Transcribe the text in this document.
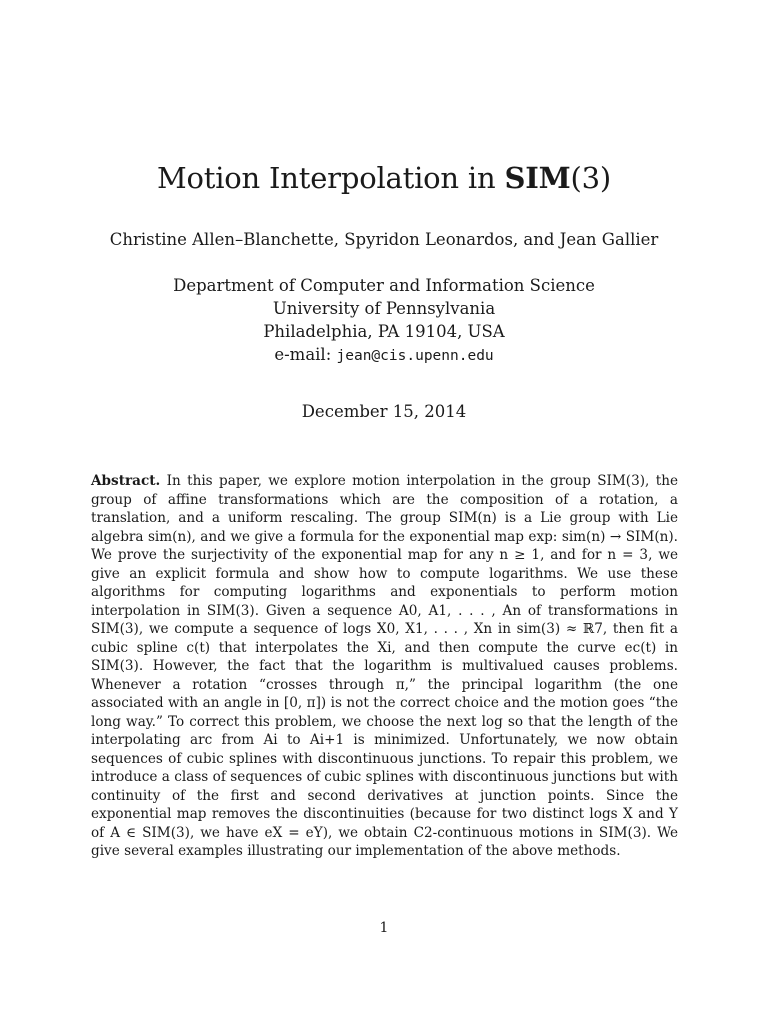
Motion Interpolation in SIM(3)
Christine Allen–Blanchette, Spyridon Leonardos, and Jean Gallier
Department of Computer and Information Science
University of Pennsylvania
Philadelphia, PA 19104, USA
e-mail: jean@cis.upenn.edu
December 15, 2014
Abstract. In this paper, we explore motion interpolation in the group SIM(3), the group of affine transformations which are the composition of a rotation, a translation, and a uniform rescaling. The group SIM(n) is a Lie group with Lie algebra sim(n), and we give a formula for the exponential map exp: sim(n) → SIM(n). We prove the surjectivity of the exponential map for any n ≥ 1, and for n = 3, we give an explicit formula and show how to compute logarithms. We use these algorithms for computing logarithms and exponentials to perform motion interpolation in SIM(3). Given a sequence A0, A1, . . . , An of transformations in SIM(3), we compute a sequence of logs X0, X1, . . . , Xn in sim(3) ≈ ℝ7, then fit a cubic spline c(t) that interpolates the Xi, and then compute the curve ec(t) in SIM(3). However, the fact that the logarithm is multivalued causes problems. Whenever a rotation “crosses through π,” the principal logarithm (the one associated with an angle in [0, π]) is not the correct choice and the motion goes “the long way.” To correct this problem, we choose the next log so that the length of the interpolating arc from Ai to Ai+1 is minimized. Unfortunately, we now obtain sequences of cubic splines with discontinuous junctions. To repair this problem, we introduce a class of sequences of cubic splines with discontinuous junctions but with continuity of the first and second derivatives at junction points. Since the exponential map removes the discontinuities (because for two distinct logs X and Y of A ∈ SIM(3), we have eX = eY), we obtain C2-continuous motions in SIM(3). We give several examples illustrating our implementation of the above methods.
1
